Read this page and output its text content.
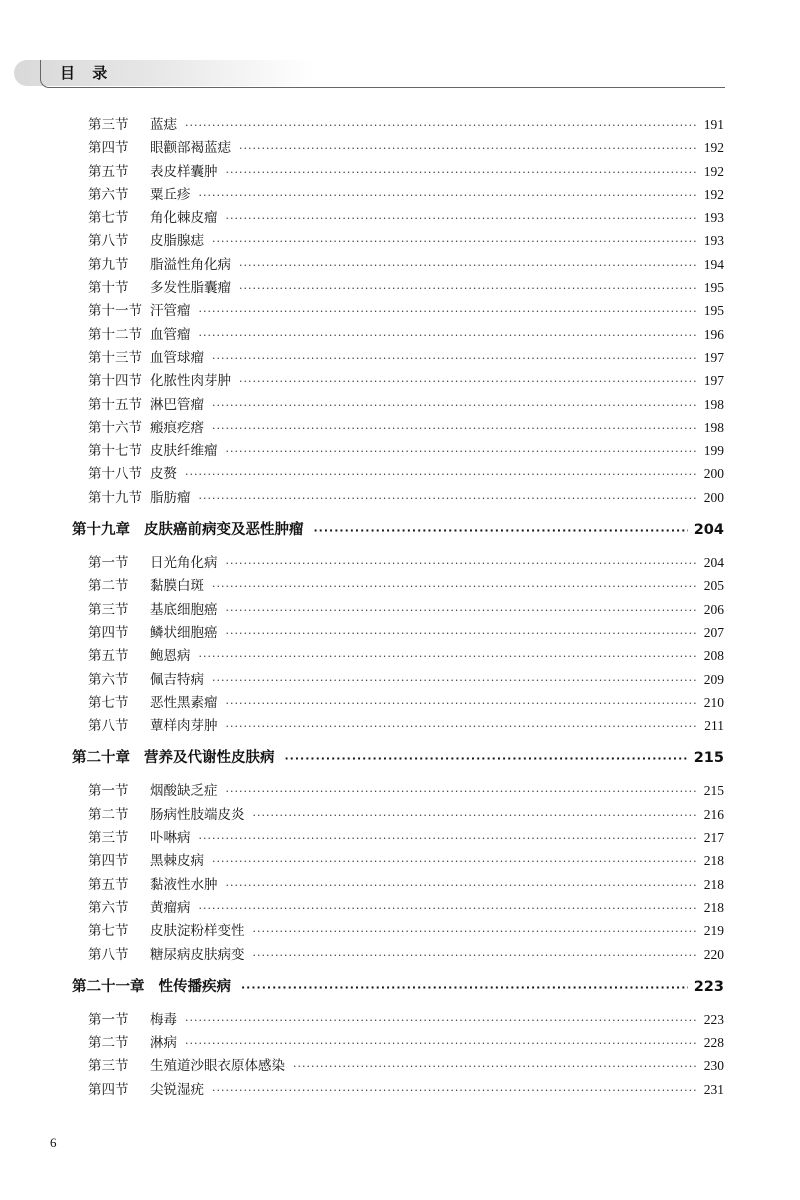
目 录
第三节	蓝痣 ·····	191
第四节	眼颧部褐蓝痣 ·····	192
第五节	表皮样囊肿 ·····	192
第六节	粟丘疹 ·····	192
第七节	角化棘皮瘤 ·····	193
第八节	皮脂腺痣 ·····	193
第九节	脂溢性角化病 ·····	194
第十节	多发性脂囊瘤 ·····	195
第十一节 汗管瘤 ·····	195
第十二节 血管瘤 ·····	196
第十三节 血管球瘤 ·····	197
第十四节 化脓性肉芽肿 ·····	197
第十五节 淋巴管瘤 ·····	198
第十六节 瘢痕疙瘩 ·····	198
第十七节 皮肤纤维瘤 ·····	199
第十八节 皮赘 ·····	200
第十九节 脂肪瘤 ·····	200
第十九章 皮肤癌前病变及恶性肿瘤 ·····	204
第一节	日光角化病 ·····	204
第二节	黏膜白斑 ·····	205
第三节	基底细胞癌 ·····	206
第四节	鳞状细胞癌 ·····	207
第五节	鲍恩病 ·····	208
第六节	佩吉特病 ·····	209
第七节	恶性黑素瘤 ·····	210
第八节	蕈样肉芽肿 ·····	211
第二十章 营养及代谢性皮肤病 ·····	215
第一节	烟酸缺乏症 ·····	215
第二节	肠病性肢端皮炎 ·····	216
第三节	卟啉病 ·····	217
第四节	黑棘皮病 ·····	218
第五节	黏液性水肿 ·····	218
第六节	黄瘤病 ·····	218
第七节	皮肤淀粉样变性 ·····	219
第八节	糖尿病皮肤病变 ·····	220
第二十一章 性传播疾病 ·····	223
第一节	梅毒 ·····	223
第二节	淋病 ·····	228
第三节	生殖道沙眼衣原体感染 ·····	230
第四节	尖锐湿疣 ·····	231
6
